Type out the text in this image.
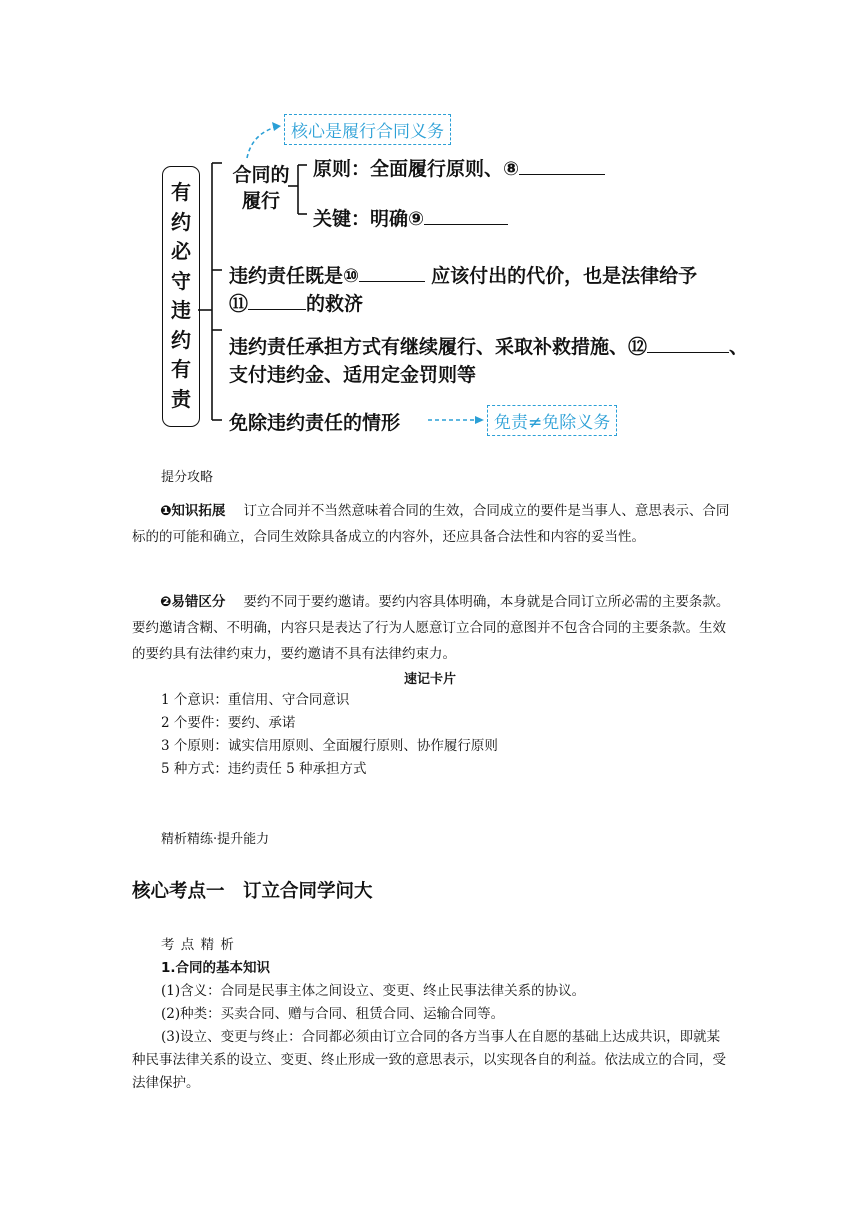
有
约
必
守
违
约
有
责
合同的
履行
原则：全面履行原则、⑧
关键：明确⑨
违约责任既是⑩	应该付出的代价，也是法律给予
⑪	的救济
违约责任承担方式有继续履行、采取补救措施、⑫	、
支付违约金、适用定金罚则等
免除违约责任的情形
核心是履行合同义务
免责≠免除义务
提分攻略
❶知识拓展 订立合同并不当然意味着合同的生效，合同成立的要件是当事人、意思表示、合同标的的可能和确立，合同生效除具备成立的内容外，还应具备合法性和内容的妥当性。
❷易错区分 要约不同于要约邀请。要约内容具体明确，本身就是合同订立所必需的主要条款。要约邀请含糊、不明确，内容只是表达了行为人愿意订立合同的意图并不包含合同的主要条款。生效的要约具有法律约束力，要约邀请不具有法律约束力。
速记卡片
1 个意识：重信用、守合同意识
2 个要件：要约、承诺
3 个原则：诚实信用原则、全面履行原则、协作履行原则
5 种方式：违约责任 5 种承担方式
精析精练·提升能力
核心考点一　订立合同学问大
考 点 精 析
1.合同的基本知识
(1)含义：合同是民事主体之间设立、变更、终止民事法律关系的协议。
(2)种类：买卖合同、赠与合同、租赁合同、运输合同等。
(3)设立、变更与终止：合同都必须由订立合同的各方当事人在自愿的基础上达成共识，即就某种民事法律关系的设立、变更、终止形成一致的意思表示，以实现各自的利益。依法成立的合同，受法律保护。
